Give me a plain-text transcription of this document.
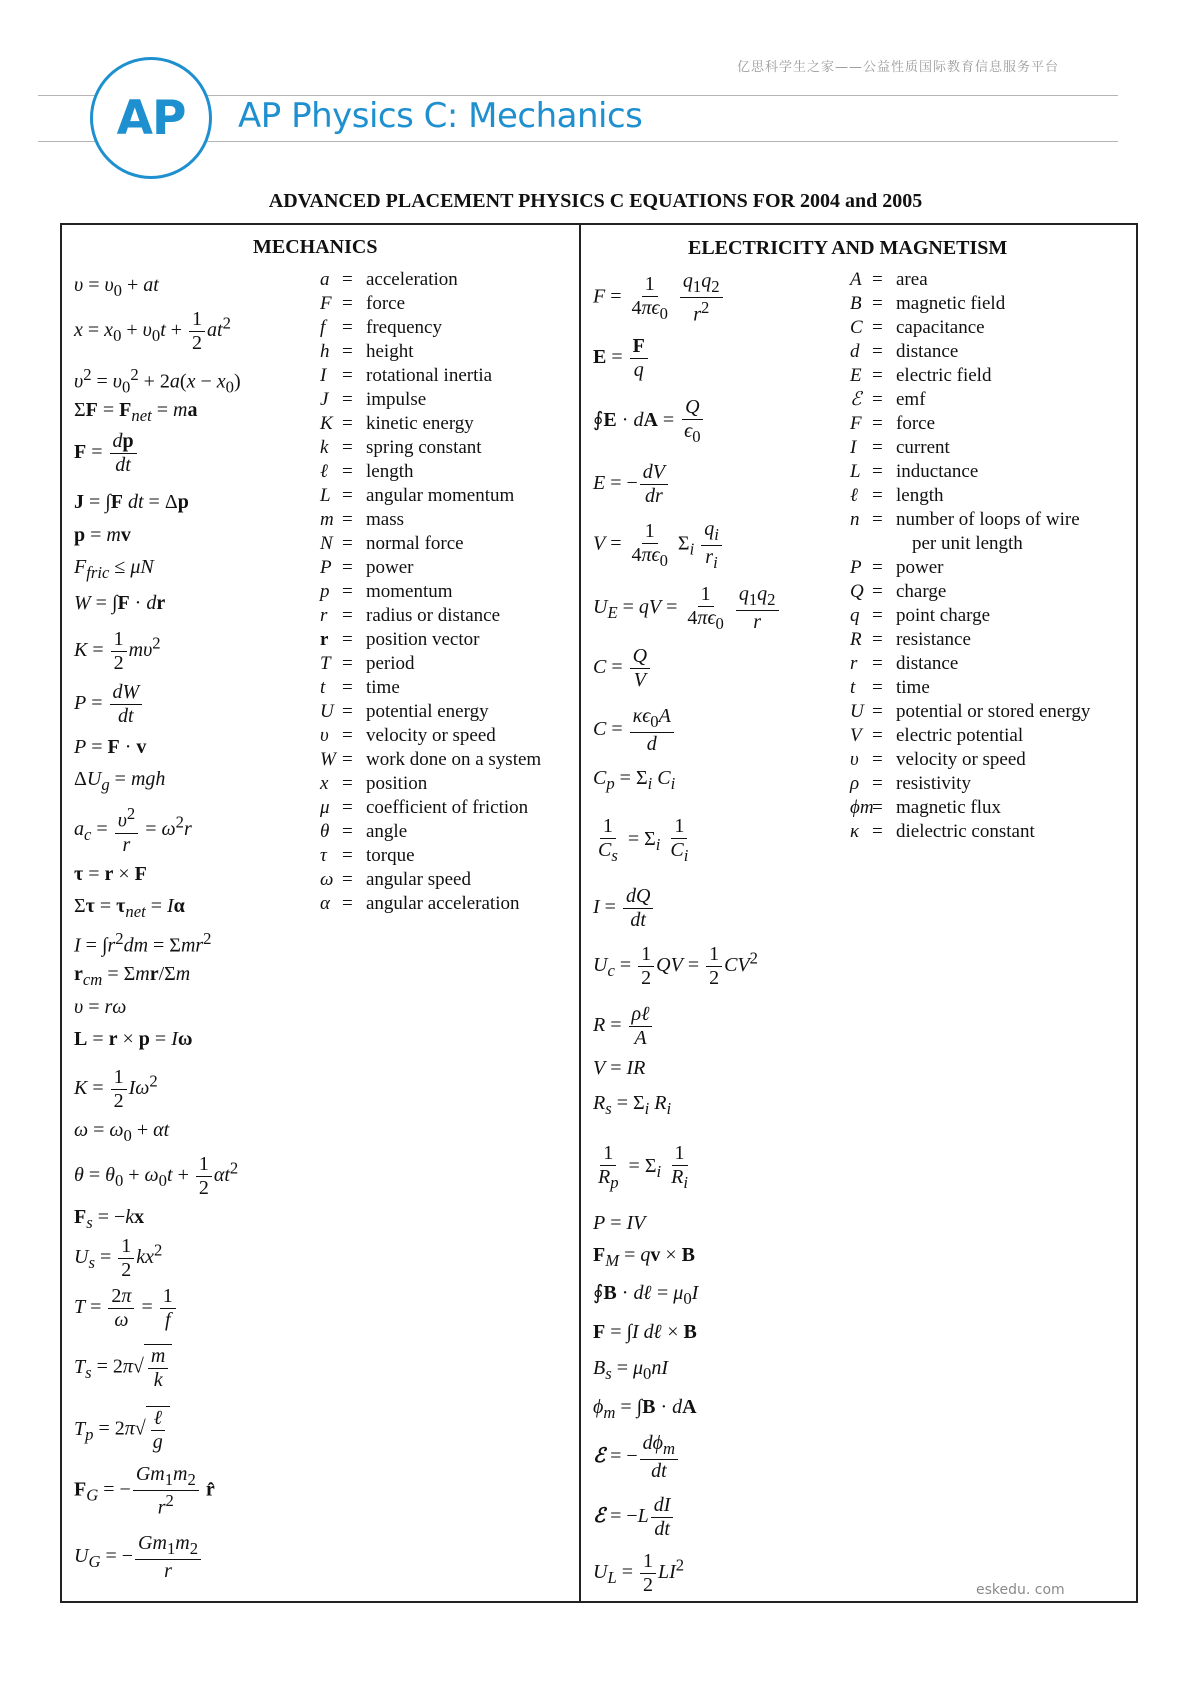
亿思科学生之家——公益性质国际教育信息服务平台
AP AP Physics C: Mechanics
ADVANCED PLACEMENT PHYSICS C EQUATIONS FOR 2004 and 2005
MECHANICS	ELECTRICITY AND MAGNETISM
$\upsilon = \upsilon_0$ + at
$x = x_0 + \upsilon_0t + \frac{1}{2} at^2$
$\upsilon^2 = \upsilon_0^2 + 2a(x - x_0)$
$\Sigma F = F_{net}$ = ma
$F = \frac{dp}{dt}$
J = ∫F dt = Δp
p = mv
$F_{fric} \le \mu N$
W = ∫F · dr
$K = \frac{1}{2} m\upsilon^2$
$P = \frac{dW}{dt}$
P = F · v
$\Delta U_g$ = mgh
$a_c = \frac{\upsilon^2}{r} = \omega^2r$
τ = r × F
$\Sigma\tau = \tau_{net} = I\alpha$
$I = \int r^2dm = \Sigma mr^2$
$r_{cm} = \Sigma mr/\Sigma m$
υ = rω
L = r × p = Iω
$K = \frac{1}{2} I\omega^2$
$\omega = \omega_0 + \alpha t$
$\theta = \theta_0 + \omega_0t + \frac{1}{2} \alpha t^2$
$F_s = -kx$
$U_s = \frac{1}{2} kx^2$
$T = \frac{2\pi}{\omega} = \frac{1}{f}$
$T_s = 2\pi√ \frac{m}{k}$
$T_p = 2\pi√$ ℓ
g
$F_G$ = − $\frac{Gm_1m_2}{r^2}$ r̂
$U_G$ = − $\frac{Gm_1m_2}{r}$
a = acceleration
F = force
f = frequency
h = height
I = rotational inertia
J = impulse
K = kinetic energy
k = spring constant
ℓ = length
L = angular momentum
m = mass
N = normal force
P = power
p = momentum
r = radius or distance
r = position vector
T = period
t = time
U = potential energy
υ = velocity or speed
W = work done on a system
x = position
μ = coefficient of friction
θ = angle
τ = torque
ω = angular speed
α = angular acceleration
$F = \frac{1}{4\pi\epsilon_0}$
$\frac{q_1q_2}{r^2}$
$E = \frac{F}{q}$
∮E · dA = $\frac{Q}{\epsilon_0}$
E = − $\frac{dV}{dr}$
$V = \frac{1}{4\pi\epsilon_0} \Sigma_i \frac{q_i}{r_i}$
$U_E$ = qV = $\frac{1}{4\pi\epsilon_0}$
$\frac{q_1q_2}{r}$
$C = \frac{Q}{V}$
$C = \frac{\kappa\epsilon_0A}{d}$
$C_p = \Sigma_i$ $C_i$
$\frac{1}{C_s} = \Sigma_i \frac{1}{C_i}$
$I = \frac{dQ}{dt}$
$U_c = \frac{1}{2}$ QV = $\frac{1}{2} CV^2$
R =
ρℓ
A
V = IR
$R_s = \Sigma_i$ $R_i$
$\frac{1}{R_p} = \Sigma_i \frac{1}{R_i}$
P = IV
$F_M$ = qv × B
∮B · dℓ = $\mu_0I$
F = ∫I dℓ × B
$B_s = \mu_0nI$
$\phi_m = \int B$ · dA
ℰ = −
$d\phi_m$
dt
ℰ = $-L \frac{dI}{dt}$
$U_L = \frac{1}{2} LI^2$
A = area
B = magnetic field
C = capacitance
d = distance
E = electric field
ℰ = emf
F = force
I = current
L = inductance
ℓ = length
n = number of loops of wire
per unit length
P = power
Q = charge
q = point charge
R = resistance
r = distance
t = time
U = potential or stored energy
V = electric potential
υ = velocity or speed
ρ = resistivity
ϕm
= magnetic flux
κ = dielectric constant
eskedu. com
